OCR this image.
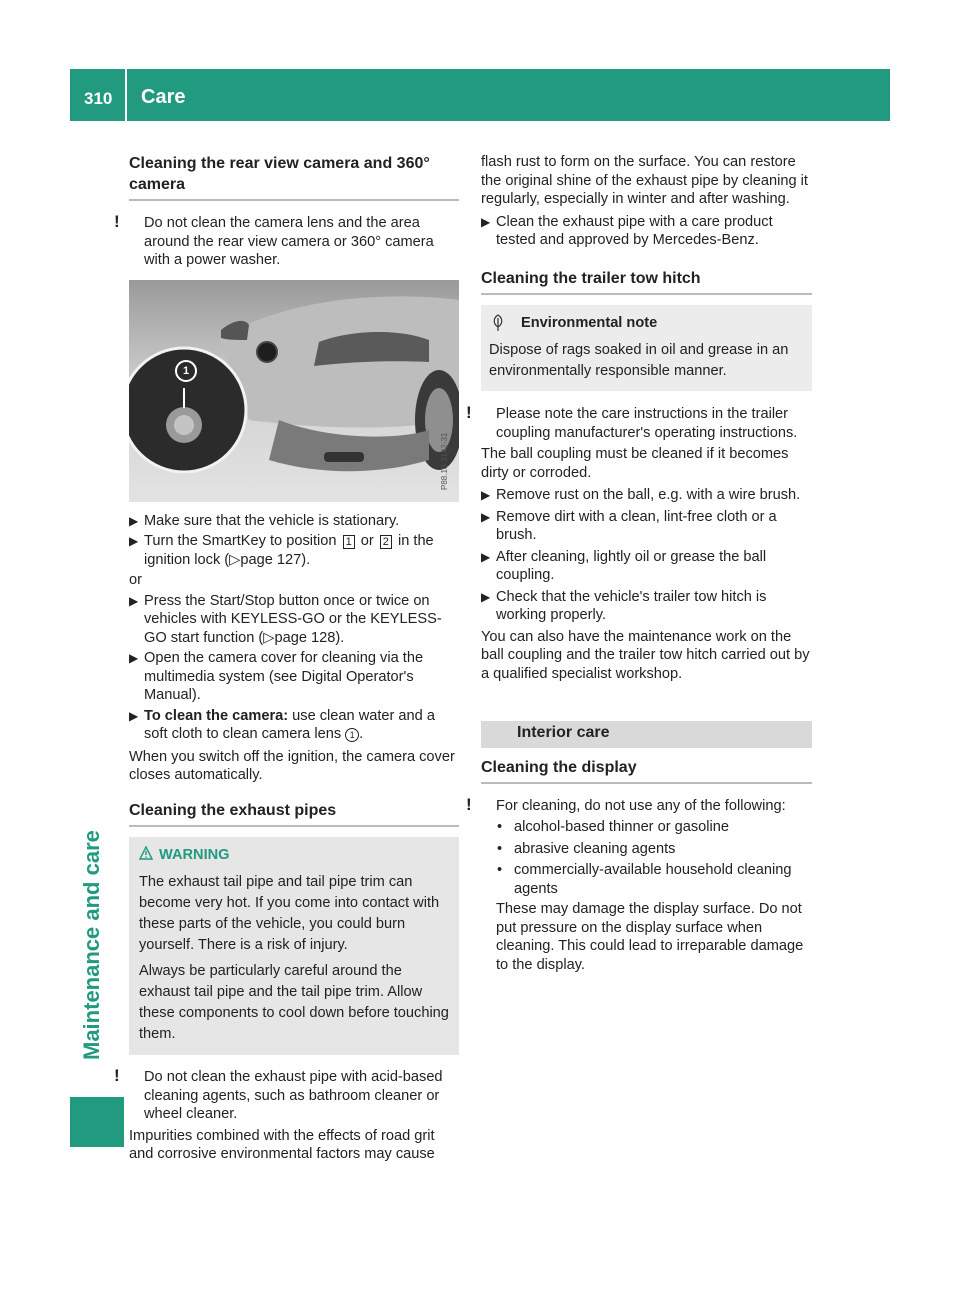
310 Care
Maintenance and care
Cleaning the rear view camera and 360° camera

! Do not clean the camera lens and the area around the rear view camera or 360° camera with a power washer.

P88.10-3142-31
1
▶ Make sure that the vehicle is stationary.
▶ Turn the SmartKey to position 1 or 2 in the ignition lock (▷page 127).
or
▶ Press the Start/Stop button once or twice on vehicles with KEYLESS-GO or the KEYLESS-GO start function (▷page 128).
▶ Open the camera cover for cleaning via the multimedia system (see Digital Operator's Manual).
▶ To clean the camera: use clean water and a soft cloth to clean camera lens 1 .

When you switch off the ignition, the camera cover closes automatically.

Cleaning the exhaust pipes
WARNING

The exhaust tail pipe and tail pipe trim can become very hot. If you come into contact with these parts of the vehicle, you could burn yourself. There is a risk of injury.

Always be particularly careful around the exhaust tail pipe and the tail pipe trim. Allow these components to cool down before touching them.

! Do not clean the exhaust pipe with acid-based cleaning agents, such as bathroom cleaner or wheel cleaner.

Impurities combined with the effects of road grit and corrosive environmental factors may cause

flash rust to form on the surface. You can restore the original shine of the exhaust pipe by cleaning it regularly, especially in winter and after washing.

▶ Clean the exhaust pipe with a care product tested and approved by Mercedes-Benz.
Cleaning the trailer tow hitch
Environmental note

Dispose of rags soaked in oil and grease in an environmentally responsible manner.

! Please note the care instructions in the trailer coupling manufacturer's operating instructions.

The ball coupling must be cleaned if it becomes dirty or corroded.

▶ Remove rust on the ball, e.g. with a wire brush.
▶ Remove dirt with a clean, lint-free cloth or a brush.
▶ After cleaning, lightly oil or grease the ball coupling.
▶ Check that the vehicle's trailer tow hitch is working properly.

You can also have the maintenance work on the ball coupling and the trailer tow hitch carried out by a qualified specialist workshop.

Interior care
Cleaning the display

! For cleaning, do not use any of the following:

• alcohol-based thinner or gasoline
• abrasive cleaning agents
• commercially-available household cleaning agents

These may damage the display surface. Do not put pressure on the display surface when cleaning. This could lead to irreparable damage to the display.
